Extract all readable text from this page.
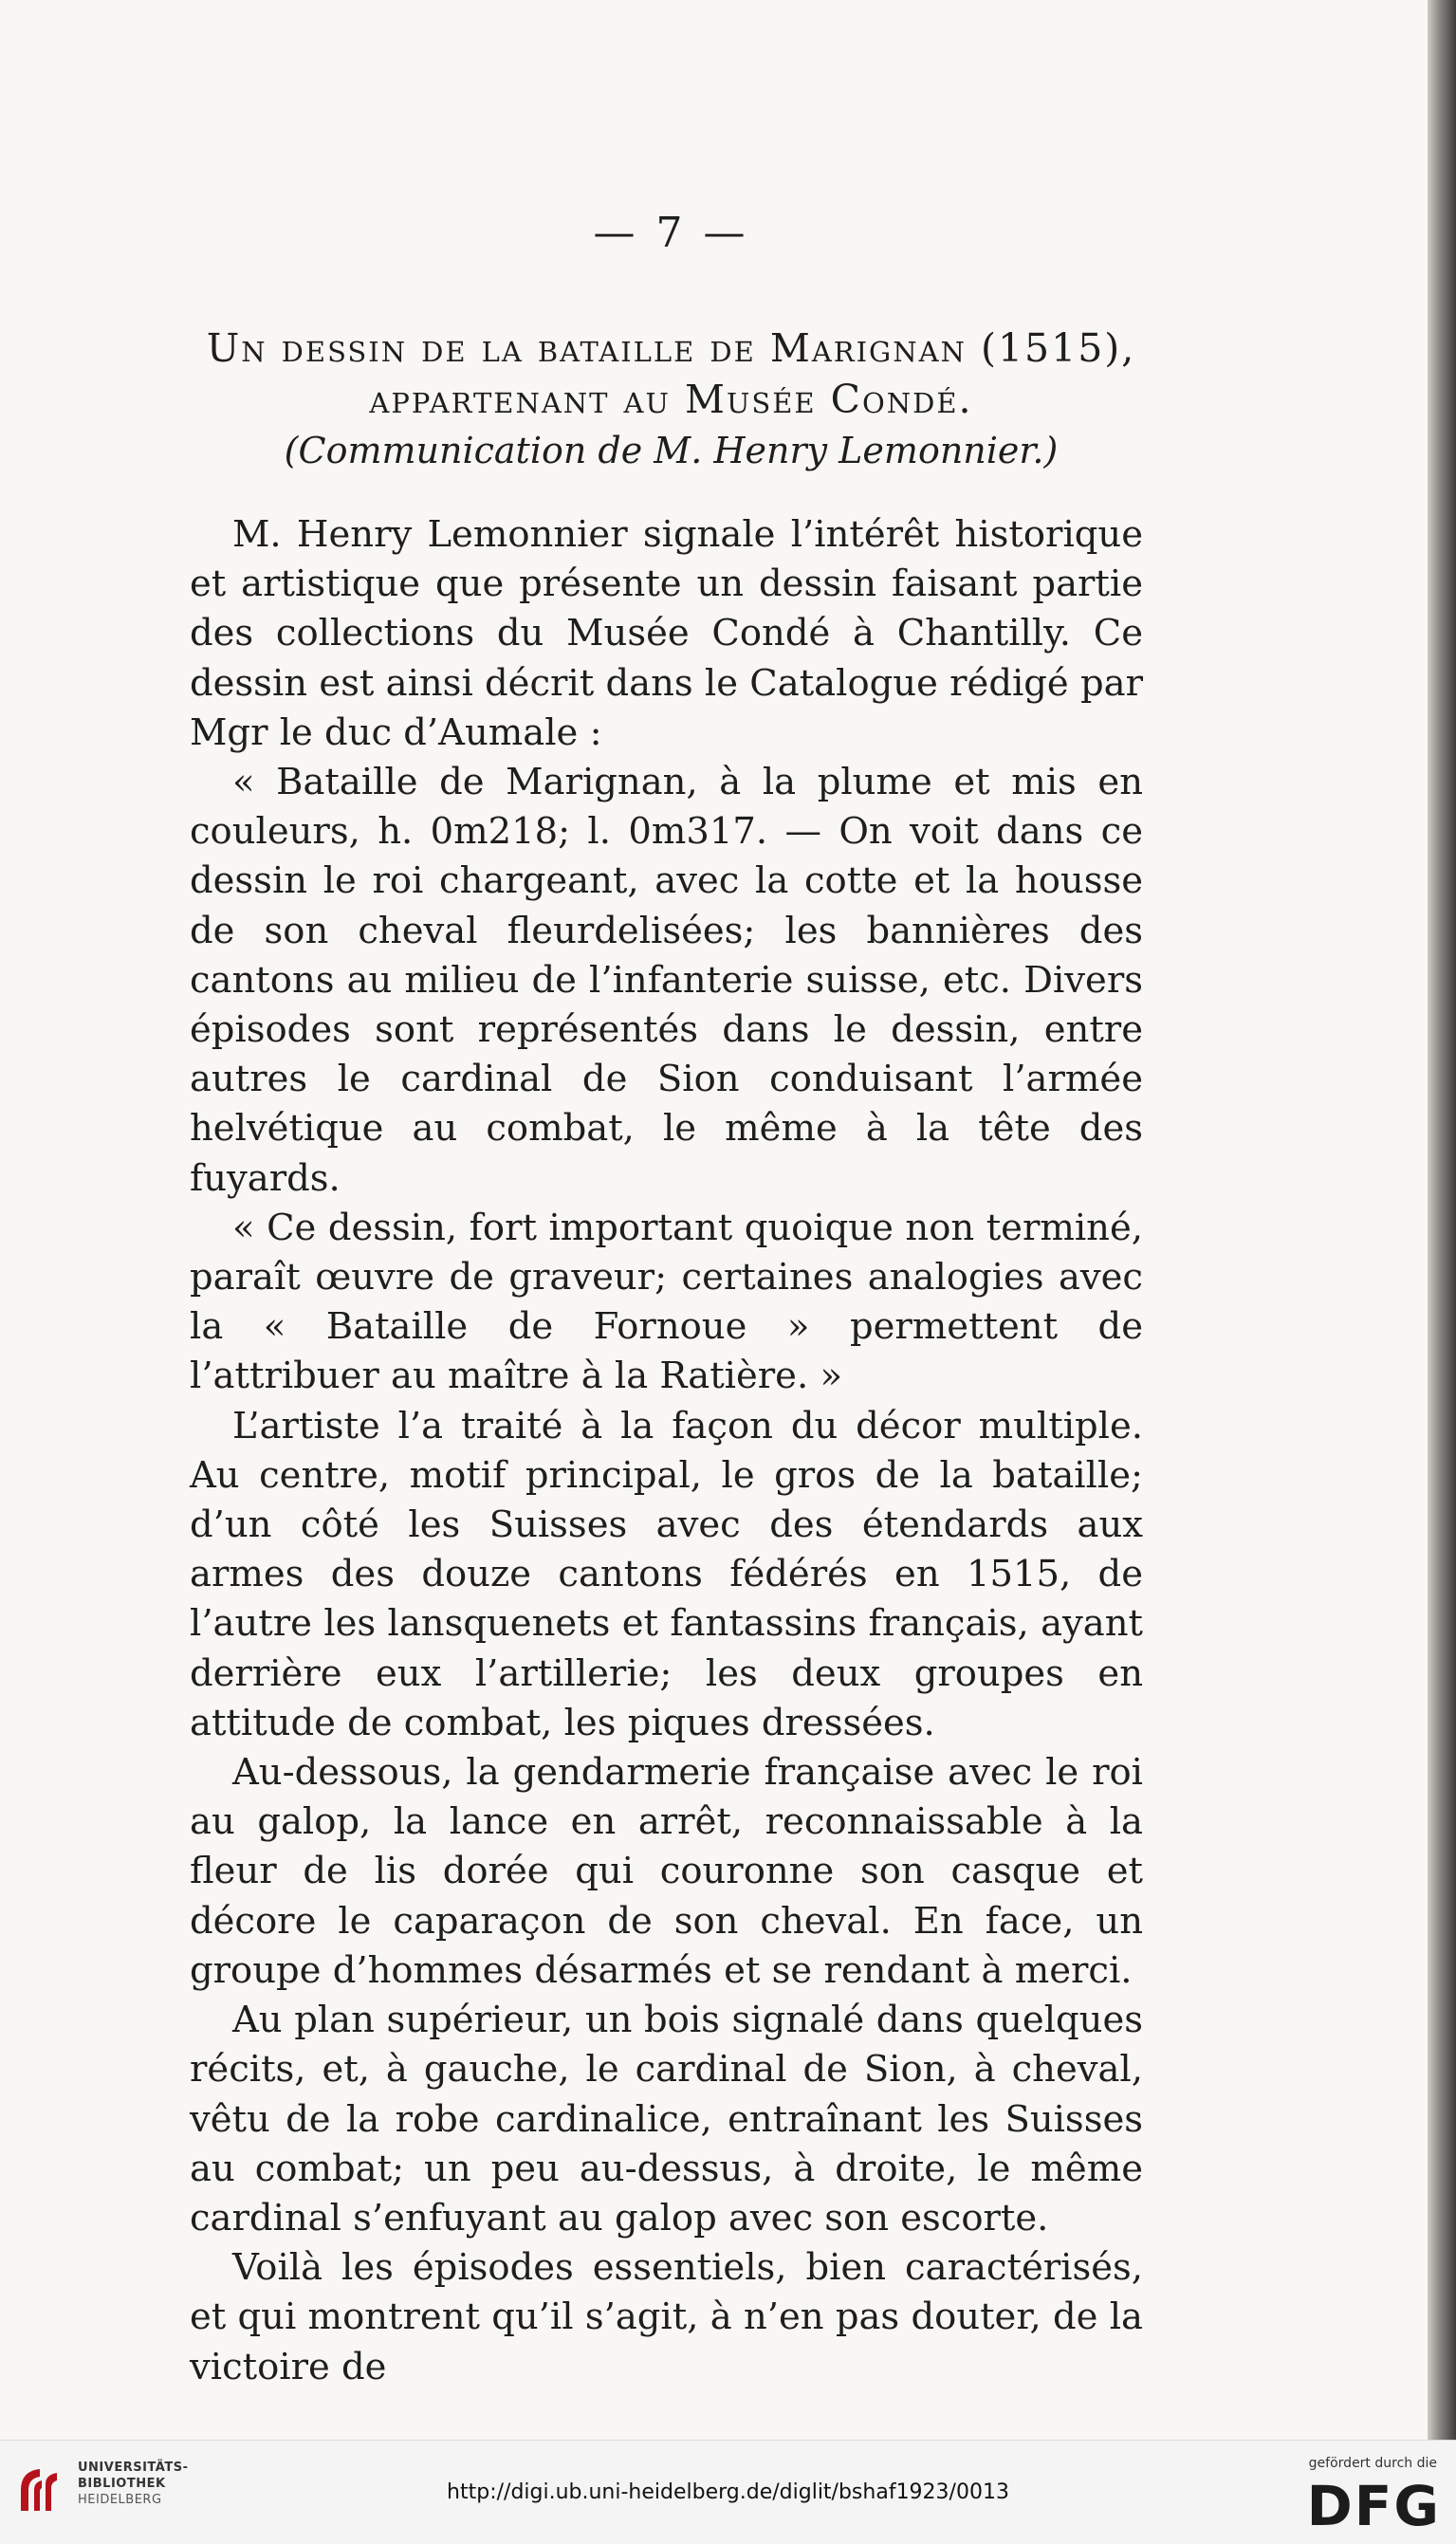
— 7 —
Un dessin de la bataille de Marignan (1515),
appartenant au Musée Condé.
(Communication de M. Henry Lemonnier.)

M. Henry Lemonnier signale l’intérêt historique et artistique que présente un dessin faisant partie des collections du Musée Condé à Chantilly. Ce dessin est ainsi décrit dans le Catalogue rédigé par Mgr le duc d’Aumale :

« Bataille de Marignan, à la plume et mis en couleurs, h. 0m218; l. 0m317. — On voit dans ce dessin le roi chargeant, avec la cotte et la housse de son cheval fleurdelisées; les bannières des cantons au milieu de l’infanterie suisse, etc. Divers épisodes sont représentés dans le dessin, entre autres le cardinal de Sion conduisant l’armée helvétique au combat, le même à la tête des fuyards.

« Ce dessin, fort important quoique non terminé, paraît œuvre de graveur; certaines analogies avec la « Bataille de Fornoue » permettent de l’attribuer au maître à la Ratière. »

L’artiste l’a traité à la façon du décor multiple. Au centre, motif principal, le gros de la bataille; d’un côté les Suisses avec des étendards aux armes des douze cantons fédérés en 1515, de l’autre les lansquenets et fantassins français, ayant derrière eux l’artillerie; les deux groupes en attitude de combat, les piques dressées.

Au-dessous, la gendarmerie française avec le roi au galop, la lance en arrêt, reconnaissable à la fleur de lis dorée qui couronne son casque et décore le caparaçon de son cheval. En face, un groupe d’hommes désarmés et se rendant à merci.

Au plan supérieur, un bois signalé dans quelques récits, et, à gauche, le cardinal de Sion, à cheval, vêtu de la robe cardinalice, entraînant les Suisses au combat; un peu au-dessus, à droite, le même cardinal s’enfuyant au galop avec son escorte.

Voilà les épisodes essentiels, bien caractérisés, et qui montrent qu’il s’agit, à n’en pas douter, de la victoire de

UNIVERSITÄTS-
BIBLIOTHEK
HEIDELBERG	http://digi.ub.uni-heidelberg.de/diglit/bshaf1923/0013
gefördert durch die
DFG
